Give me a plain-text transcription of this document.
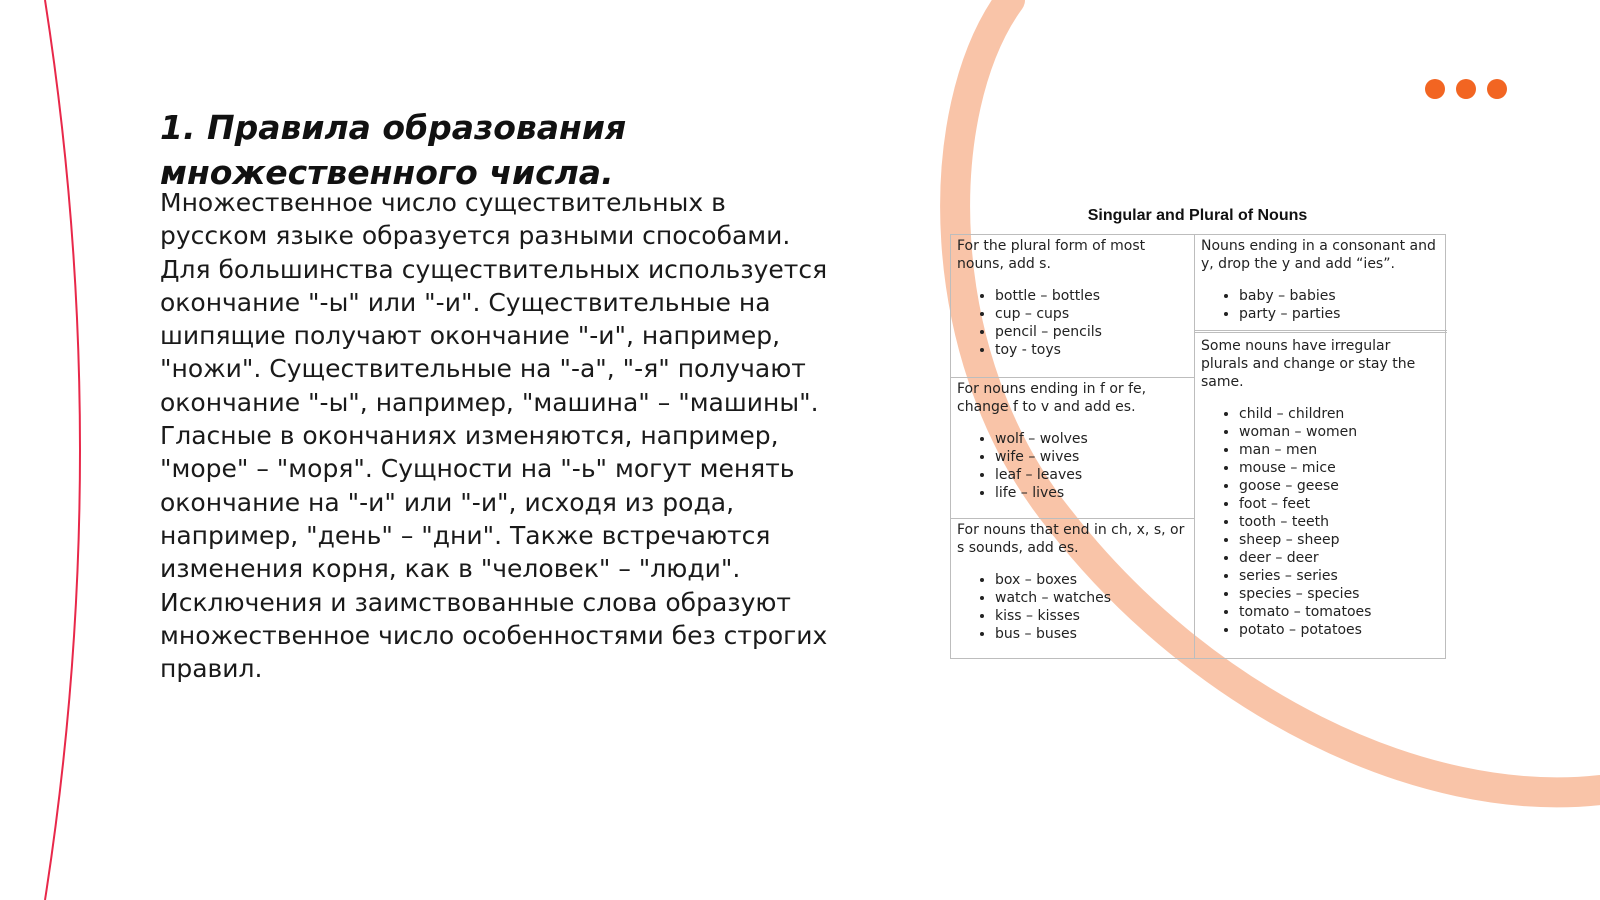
1. Правила образования множественного числа.

Множественное число существительных в русском языке образуется разными способами. Для большинства существительных используется окончание "-ы" или "-и". Существительные на шипящие получают окончание "-и", например, "ножи". Существительные на "-а", "-я" получают окончание "-ы", например, "машина" – "машины". Гласные в окончаниях изменяются, например, "море" – "моря". Сущности на "-ь" могут менять окончание на "-и" или "-и", исходя из рода, например, "день" – "дни". Также встречаются изменения корня, как в "человек" – "люди". Исключения и заимствованные слова образуют множественное число особенностями без строгих правил.

Singular and Plural of Nouns

For the plural form of most nouns, add s.

• bottle – bottles
• cup – cups
• pencil – pencils
• toy - toys

For nouns ending in f or fe, change f to v and add es.

• wolf – wolves
• wife – wives
• leaf – leaves
• life – lives

For nouns that end in ch, x, s, or s sounds, add es.

• box – boxes
• watch – watches
• kiss – kisses
• bus – buses

Nouns ending in a consonant and y, drop the y and add “ies”.

• baby – babies
• party – parties

Some nouns have irregular plurals and change or stay the same.

• child – children
• woman – women
• man – men
• mouse – mice
• goose – geese
• foot – feet
• tooth – teeth
• sheep – sheep
• deer – deer
• series – series
• species – species
• tomato – tomatoes
• potato – potatoes
